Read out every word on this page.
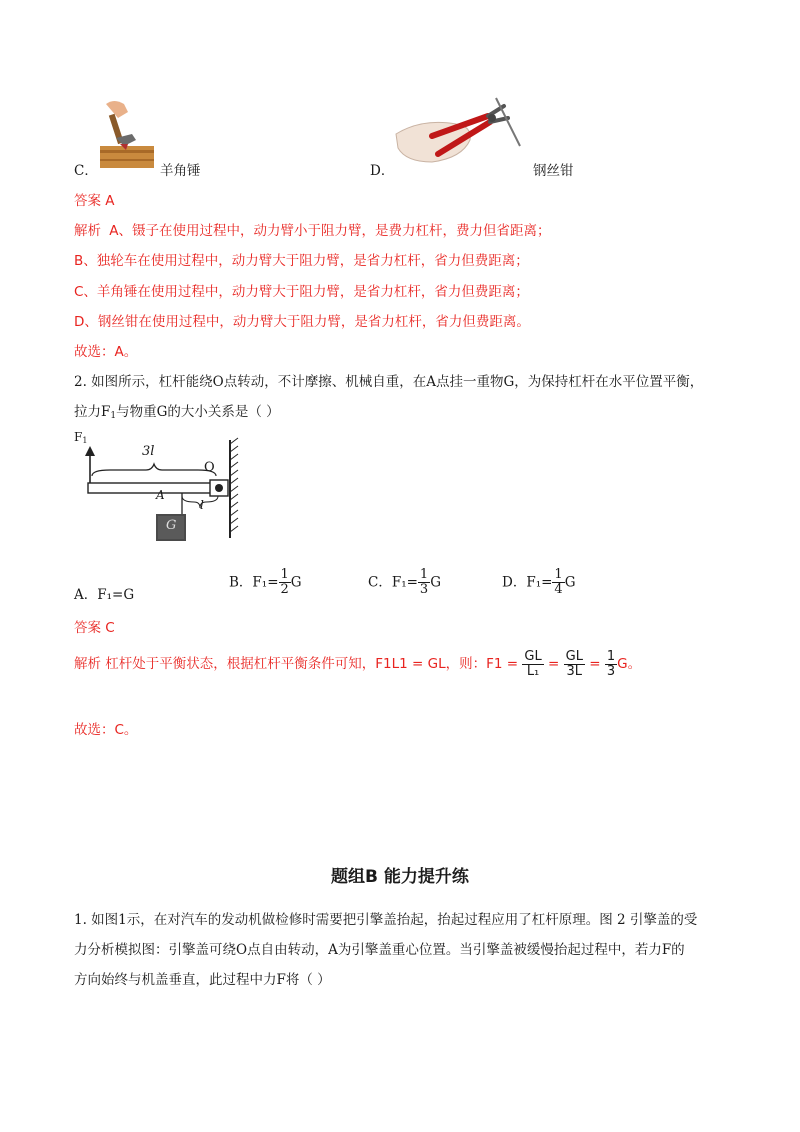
C．	羊角锤	D．	钢丝钳
答案 A
解析 A、镊子在使用过程中，动力臂小于阻力臂，是费力杠杆，费力但省距离；
B、独轮车在使用过程中，动力臂大于阻力臂，是省力杠杆，省力但费距离；
C、羊角锤在使用过程中，动力臂大于阻力臂，是省力杠杆，省力但费距离；
D、钢丝钳在使用过程中，动力臂大于阻力臂，是省力杠杆，省力但费距离。
故选：A。
2. 如图所示，杠杆能绕O点转动，不计摩擦、机械自重，在A点挂一重物G，为保持杠杆在水平位置平衡，
拉力$F_1$与物重G的大小关系是（ ）
$F_1$
3l
O
A
l
G
A．F₁=G
B．$F_1= \frac{1}{2}$ G	C．$F_1= \frac{1}{3}$ G	D．$F_1= \frac{1}{4}$ G
答案 C
解析 杠杆处于平衡状态，根据杠杆平衡条件可知，F1L1 = GL，则：$F1 = \frac{GL}{\text{L₁}} = \frac{GL}{3L} = \frac{1}{3}$ G。
故选：C。
题组B 能力提升练
1. 如图1示，在对汽车的发动机做检修时需要把引擎盖抬起，抬起过程应用了杠杆原理。图 2 引擎盖的受
力分析模拟图：引擎盖可绕O点自由转动，A为引擎盖重心位置。当引擎盖被缓慢抬起过程中，若力F的
方向始终与机盖垂直，此过程中力F将（ ）
